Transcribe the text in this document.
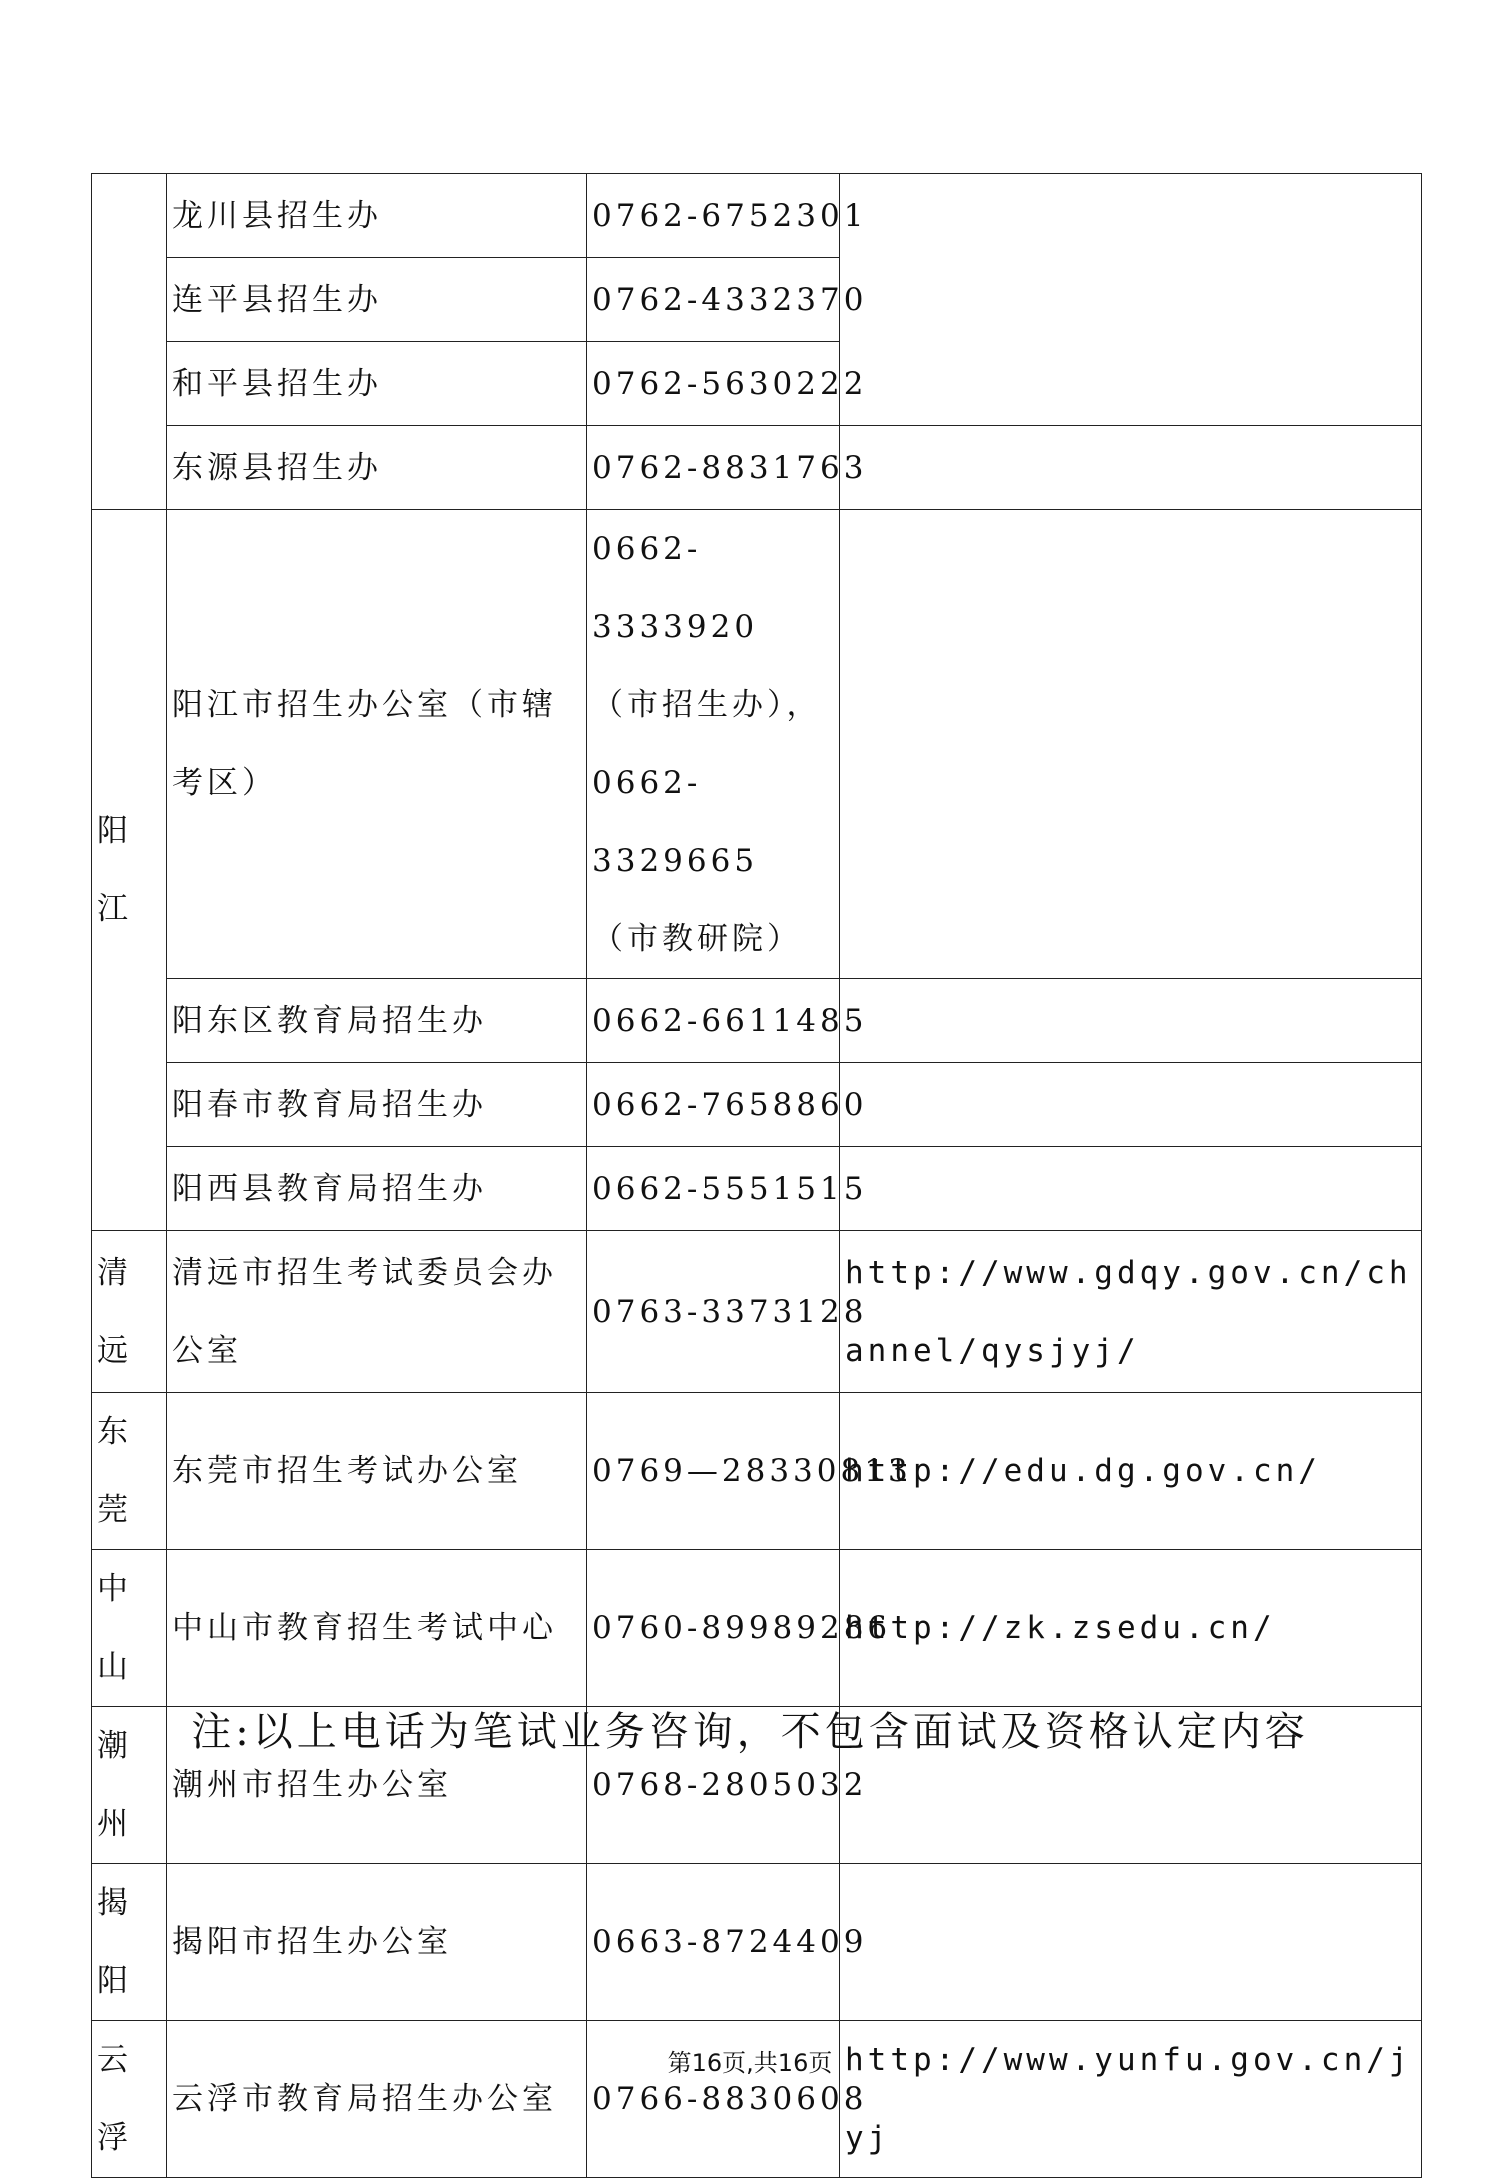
	龙川县招生办	0762-6752301	
	连平县招生办	0762-4332370	
	和平县招生办	0762-5630222	
	东源县招生办	0762-8831763	
阳江	阳江市招生办公室（市辖考区）	0662-3333920
（市招生办），
0662-3329665
（市教研院）	

	阳东区教育局招生办	0662-6611485	
	阳春市教育局招生办	0662-7658860	
	阳西县教育局招生办	0662-5551515	
清远	清远市招生考试委员会办公室	0763-3373128	http://www.gdqy.gov.cn/channel/qysjyj/
东莞	东莞市招生考试办公室	0769—28330813	http://edu.dg.gov.cn/
中山	中山市教育招生考试中心	0760-89989286	http://zk.zsedu.cn/
潮州	潮州市招生办公室	0768-2805032	
揭阳	揭阳市招生办公室	0663-8724409	
云浮	云浮市教育局招生办公室	0766-8830608	http://www.yunfu.gov.cn/jyj
注:以上电话为笔试业务咨询，不包含面试及资格认定内容
第16页,共16页
